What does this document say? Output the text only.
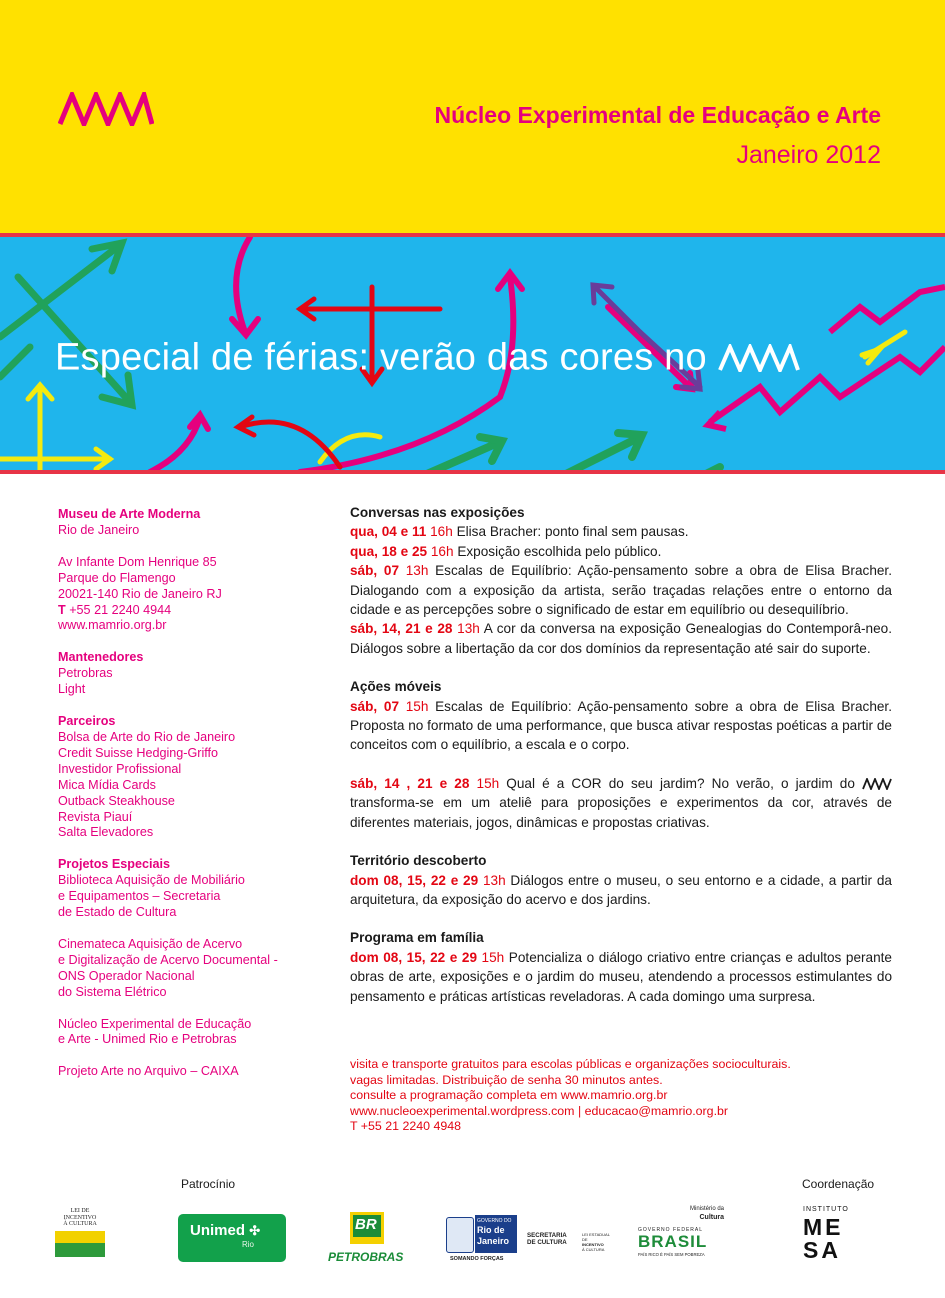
Núcleo Experimental de Educação e Arte
Janeiro 2012
Especial de férias: verão das cores no
Museu de Arte Moderna
Rio de Janeiro
Av Infante Dom Henrique 85
Parque do Flamengo
20021-140 Rio de Janeiro RJ
T +55 21 2240 4944
www.mamrio.org.br
Mantenedores
Petrobras
Light
Parceiros
Bolsa de Arte do Rio de Janeiro
Credit Suisse Hedging-Griffo
Investidor Profissional
Mica Mídia Cards
Outback Steakhouse
Revista Piauí
Salta Elevadores
Projetos Especiais
Biblioteca Aquisição de Mobiliário
e Equipamentos – Secretaria
de Estado de Cultura
Cinemateca Aquisição de Acervo
e Digitalização de Acervo Documental -
ONS Operador Nacional
do Sistema Elétrico
Núcleo Experimental de Educação
e Arte - Unimed Rio e Petrobras
Projeto Arte no Arquivo – CAIXA
Conversas nas exposições
qua, 04 e 11 16h Elisa Bracher: ponto final sem pausas.
qua, 18 e 25 16h Exposição escolhida pelo público.
sáb, 07 13h Escalas de Equilíbrio: Ação-pensamento sobre a obra de Elisa Bracher. Dialogando com a exposição da artista, serão traçadas relações entre o entorno da cidade e as percepções sobre o significado de estar em equilíbrio ou desequilíbrio.
sáb, 14, 21 e 28 13h A cor da conversa na exposição Genealogias do Contemporâ-neo. Diálogos sobre a libertação da cor dos domínios da representação até sair do suporte.
Ações móveis
sáb, 07 15h Escalas de Equilíbrio: Ação-pensamento sobre a obra de Elisa Bracher. Proposta no formato de uma performance, que busca ativar respostas poéticas a partir de conceitos com o equilíbrio, a escala e o corpo.
sáb, 14 , 21 e 28 15h Qual é a COR do seu jardim? No verão, o jardim do  transforma-se em um ateliê para proposições e experimentos da cor, através de diferentes materiais, jogos, dinâmicas e propostas criativas.
Território descoberto
dom 08, 15, 22 e 29 13h Diálogos entre o museu, o seu entorno e a cidade, a partir da arquitetura, da exposição do acervo e dos jardins.
Programa em família
dom 08, 15, 22 e 29 15h Potencializa o diálogo criativo entre crianças e adultos perante obras de arte, exposições e o jardim do museu, atendendo a processos estimulantes do pensamento e práticas artísticas reveladoras. A cada domingo uma surpresa.
visita e transporte gratuitos para escolas públicas e organizações socioculturais.
vagas limitadas. Distribuição de senha 30 minutos antes.
consulte a programação completa em www.mamrio.org.br
www.nucleoexperimental.wordpress.com | educacao@mamrio.org.br
T +55 21 2240 4948
Patrocínio	Coordenação
LEI DE
INCENTIVO
À CULTURA	Unimed ✣
Rio
BR
PETROBRAS
GOVERNO DO
Rio de
Janeiro
SOMANDO FORÇAS
SECRETARIA
DE CULTURA
LEI ESTADUAL DE
INCENTIVO
À CULTURA
Ministério da
Cultura
GOVERNO FEDERAL
BRASIL
PAÍS RICO É PAÍS SEM POBREZA
INSTITUTO
ME
SA
